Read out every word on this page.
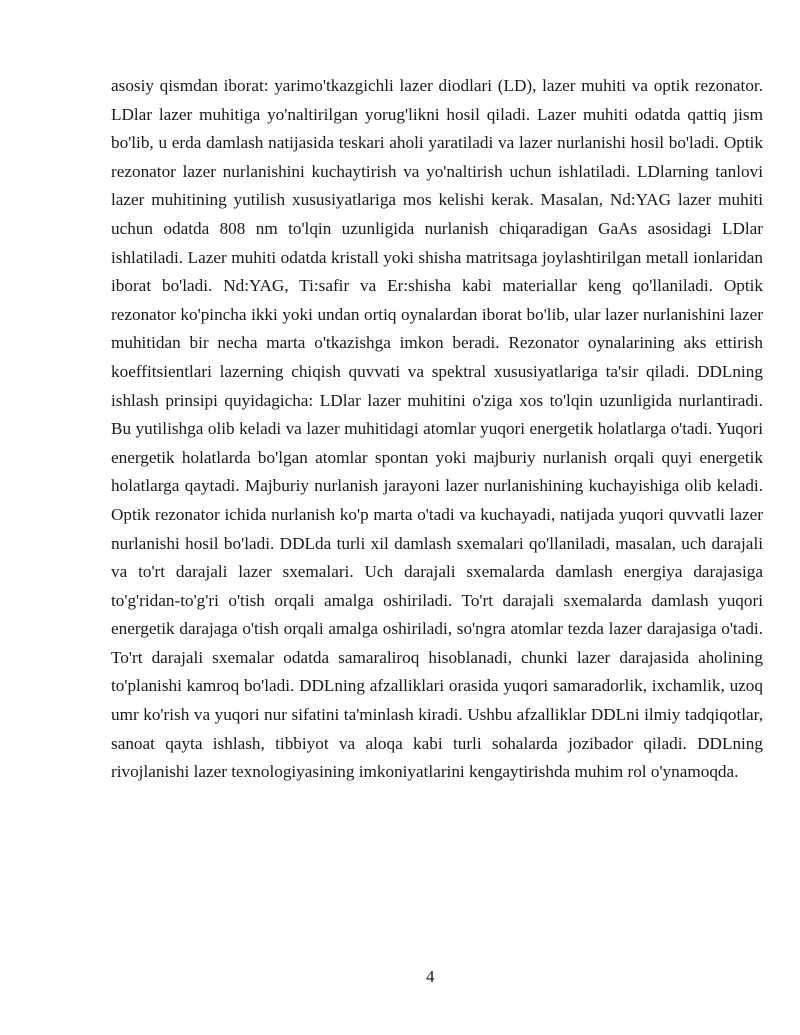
asosiy qismdan iborat: yarimo'tkazgichli lazer diodlari (LD), lazer muhiti va optik rezonator. LDlar lazer muhitiga yo'naltirilgan yorug'likni hosil qiladi. Lazer muhiti odatda qattiq jism bo'lib, u erda damlash natijasida teskari aholi yaratiladi va lazer nurlanishi hosil bo'ladi. Optik rezonator lazer nurlanishini kuchaytirish va yo'naltirish uchun ishlatiladi. LDlarning tanlovi lazer muhitining yutilish xususiyatlariga mos kelishi kerak. Masalan, Nd:YAG lazer muhiti uchun odatda 808 nm to'lqin uzunligida nurlanish chiqaradigan GaAs asosidagi LDlar ishlatiladi. Lazer muhiti odatda kristall yoki shisha matritsaga joylashtirilgan metall ionlaridan iborat bo'ladi. Nd:YAG, Ti:safir va Er:shisha kabi materiallar keng qo'llaniladi. Optik rezonator ko'pincha ikki yoki undan ortiq oynalardan iborat bo'lib, ular lazer nurlanishini lazer muhitidan bir necha marta o'tkazishga imkon beradi. Rezonator oynalarining aks ettirish koeffitsientlari lazerning chiqish quvvati va spektral xususiyatlariga ta'sir qiladi. DDLning ishlash prinsipi quyidagicha: LDlar lazer muhitini o'ziga xos to'lqin uzunligida nurlantiradi. Bu yutilishga olib keladi va lazer muhitidagi atomlar yuqori energetik holatlarga o'tadi. Yuqori energetik holatlarda bo'lgan atomlar spontan yoki majburiy nurlanish orqali quyi energetik holatlarga qaytadi. Majburiy nurlanish jarayoni lazer nurlanishining kuchayishiga olib keladi. Optik rezonator ichida nurlanish ko'p marta o'tadi va kuchayadi, natijada yuqori quvvatli lazer nurlanishi hosil bo'ladi. DDLda turli xil damlash sxemalari qo'llaniladi, masalan, uch darajali va to'rt darajali lazer sxemalari. Uch darajali sxemalarda damlash energiya darajasiga to'g'ridan-to'g'ri o'tish orqali amalga oshiriladi. To'rt darajali sxemalarda damlash yuqori energetik darajaga o'tish orqali amalga oshiriladi, so'ngra atomlar tezda lazer darajasiga o'tadi. To'rt darajali sxemalar odatda samaraliroq hisoblanadi, chunki lazer darajasida aholining to'planishi kamroq bo'ladi. DDLning afzalliklari orasida yuqori samaradorlik, ixchamlik, uzoq umr ko'rish va yuqori nur sifatini ta'minlash kiradi. Ushbu afzalliklar DDLni ilmiy tadqiqotlar, sanoat qayta ishlash, tibbiyot va aloqa kabi turli sohalarda jozibador qiladi. DDLning rivojlanishi lazer texnologiyasining imkoniyatlarini kengaytirishda muhim rol o'ynamoqda.

4
